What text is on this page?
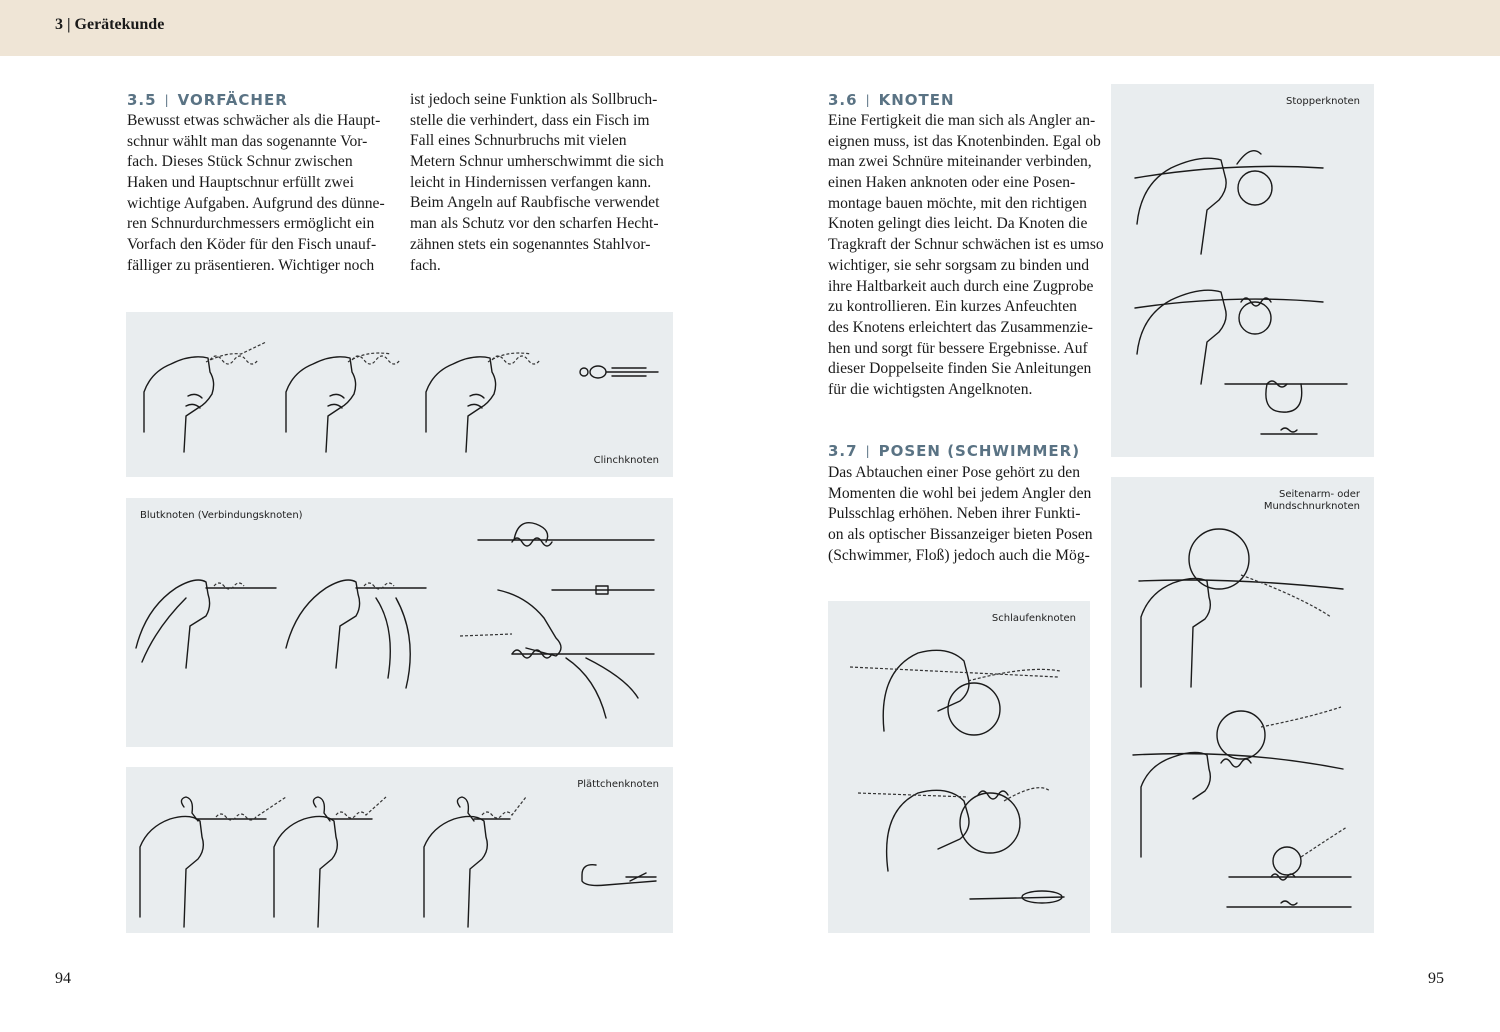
3 | Gerätekunde
3.5 | VORFÄCHER
Bewusst etwas schwächer als die Haupt-
schnur wählt man das sogenannte Vor-
fach. Dieses Stück Schnur zwischen
Haken und Hauptschnur erfüllt zwei
wichtige Aufgaben. Aufgrund des dünne-
ren Schnurdurchmessers ermöglicht ein
Vorfach den Köder für den Fisch unauf-
fälliger zu präsentieren. Wichtiger noch
ist jedoch seine Funktion als Sollbruch-
stelle die verhindert, dass ein Fisch im
Fall eines Schnurbruchs mit vielen
Metern Schnur umherschwimmt die sich
leicht in Hindernissen verfangen kann.
Beim Angeln auf Raubfische verwendet
man als Schutz vor den scharfen Hecht-
zähnen stets ein sogenanntes Stahlvor-
fach.
Clinchknoten
Blutknoten (Verbindungsknoten)
Plättchenknoten
94
3.6 | KNOTEN
Eine Fertigkeit die man sich als Angler an-
eignen muss, ist das Knotenbinden. Egal ob
man zwei Schnüre miteinander verbinden,
einen Haken anknoten oder eine Posen-
montage bauen möchte, mit den richtigen
Knoten gelingt dies leicht. Da Knoten die
Tragkraft der Schnur schwächen ist es umso
wichtiger, sie sehr sorgsam zu binden und
ihre Haltbarkeit auch durch eine Zugprobe
zu kontrollieren. Ein kurzes Anfeuchten
des Knotens erleichtert das Zusammenzie-
hen und sorgt für bessere Ergebnisse. Auf
dieser Doppelseite finden Sie Anleitungen
für die wichtigsten Angelknoten.
3.7 | POSEN (SCHWIMMER)
Das Abtauchen einer Pose gehört zu den
Momenten die wohl bei jedem Angler den
Pulsschlag erhöhen. Neben ihrer Funkti-
on als optischer Bissanzeiger bieten Posen
(Schwimmer, Floß) jedoch auch die Mög-
Stopperknoten
Seitenarm- oder
Mundschnurknoten
Schlaufenknoten
95
